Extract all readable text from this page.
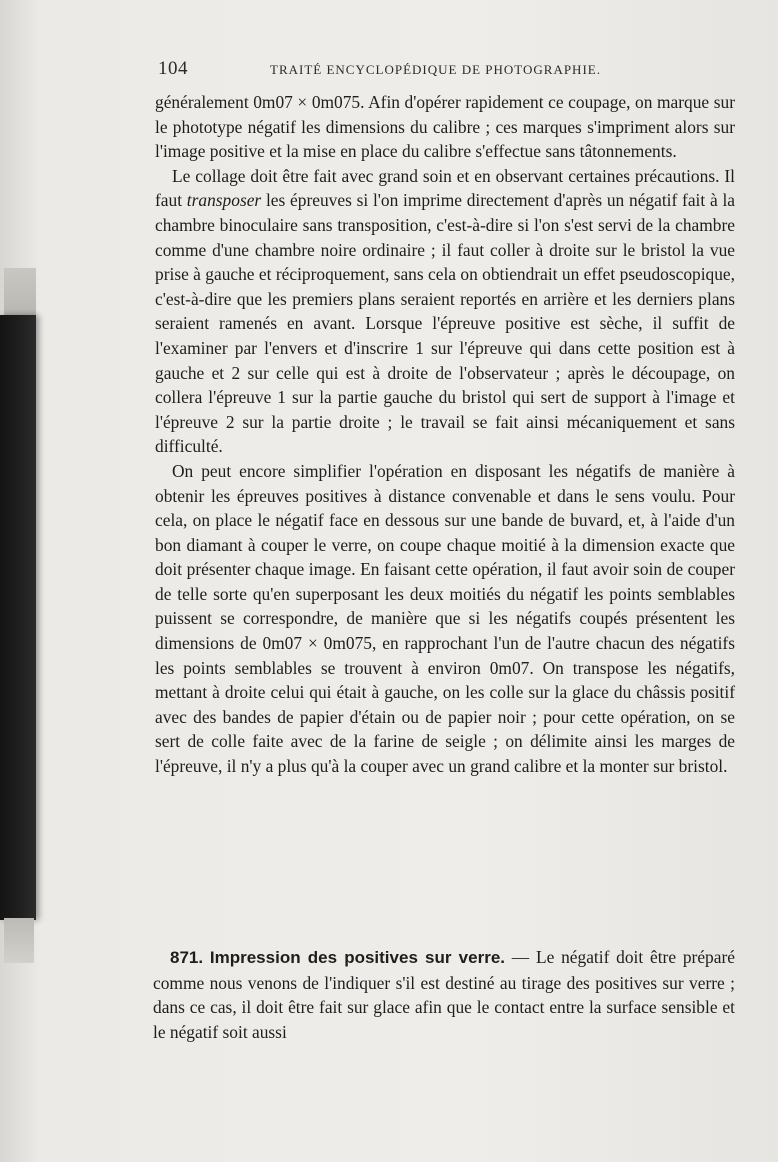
104	TRAITÉ ENCYCLOPÉDIQUE DE PHOTOGRAPHIE.

généralement 0m07 × 0m075. Afin d'opérer rapidement ce coupage, on marque sur le phototype négatif les dimensions du calibre ; ces marques s'impriment alors sur l'image positive et la mise en place du calibre s'effectue sans tâtonnements.

Le collage doit être fait avec grand soin et en observant certaines précautions. Il faut transposer les épreuves si l'on imprime directement d'après un négatif fait à la chambre binoculaire sans transposition, c'est-à-dire si l'on s'est servi de la chambre comme d'une chambre noire ordinaire ; il faut coller à droite sur le bristol la vue prise à gauche et réciproquement, sans cela on obtiendrait un effet pseudoscopique, c'est-à-dire que les premiers plans seraient reportés en arrière et les derniers plans seraient ramenés en avant. Lorsque l'épreuve positive est sèche, il suffit de l'examiner par l'envers et d'inscrire 1 sur l'épreuve qui dans cette position est à gauche et 2 sur celle qui est à droite de l'observateur ; après le découpage, on collera l'épreuve 1 sur la partie gauche du bristol qui sert de support à l'image et l'épreuve 2 sur la partie droite ; le travail se fait ainsi mécaniquement et sans difficulté.

On peut encore simplifier l'opération en disposant les négatifs de manière à obtenir les épreuves positives à distance convenable et dans le sens voulu. Pour cela, on place le négatif face en dessous sur une bande de buvard, et, à l'aide d'un bon diamant à couper le verre, on coupe chaque moitié à la dimension exacte que doit présenter chaque image. En faisant cette opération, il faut avoir soin de couper de telle sorte qu'en superposant les deux moitiés du négatif les points semblables puissent se correspondre, de manière que si les négatifs coupés présentent les dimensions de 0m07 × 0m075, en rapprochant l'un de l'autre chacun des négatifs les points semblables se trouvent à environ 0m07. On transpose les négatifs, mettant à droite celui qui était à gauche, on les colle sur la glace du châssis positif avec des bandes de papier d'étain ou de papier noir ; pour cette opération, on se sert de colle faite avec de la farine de seigle ; on délimite ainsi les marges de l'épreuve, il n'y a plus qu'à la couper avec un grand calibre et la monter sur bristol.

871. Impression des positives sur verre. — Le négatif doit être préparé comme nous venons de l'indiquer s'il est destiné au tirage des positives sur verre ; dans ce cas, il doit être fait sur glace afin que le contact entre la surface sensible et le négatif soit aussi
